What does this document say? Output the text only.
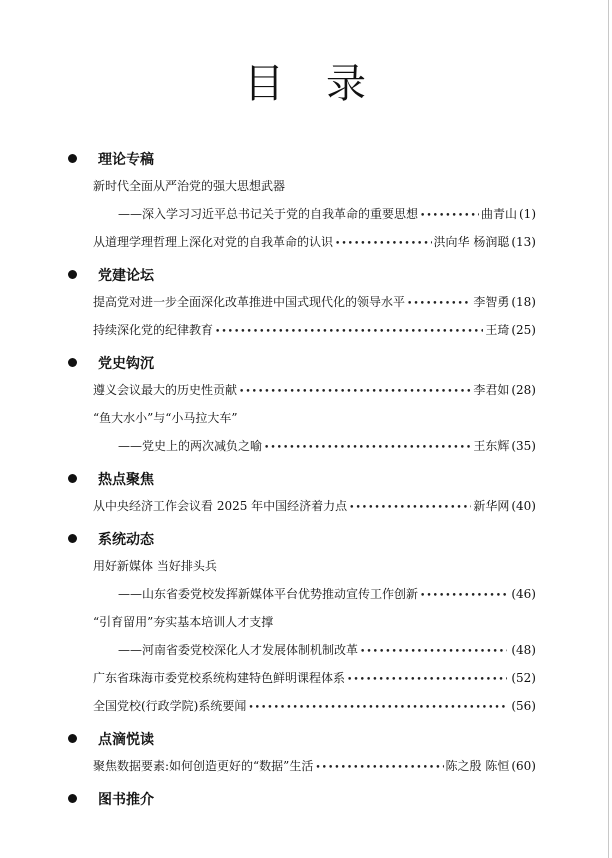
目 录
理论专稿
新时代全面从严治党的强大思想武器
——深入学习习近平总书记关于党的自我革命的重要思想 •••••	曲青山 (1)
从道理学理哲理上深化对党的自我革命的认识 •••••	洪向华 杨润聪 (13)
党建论坛
提高党对进一步全面深化改革推进中国式现代化的领导水平 •••••	李智勇 (18)
持续深化党的纪律教育 •••••	王琦 (25)
党史钩沉
遵义会议最大的历史性贡献 •••••	李君如 (28)
“鱼大水小”与“小马拉大车”
——党史上的两次减负之喻 •••••	王东辉 (35)
热点聚焦
从中央经济工作会议看 2025 年中国经济着力点 •••••	新华网 (40)
系统动态
用好新媒体 当好排头兵
——山东省委党校发挥新媒体平台优势推动宣传工作创新 •••••	(46)
“引育留用”夯实基本培训人才支撑
——河南省委党校深化人才发展体制机制改革 •••••	(48)
广东省珠海市委党校系统构建特色鲜明课程体系 •••••	(52)
全国党校(行政学院)系统要闻 •••••	(56)
点滴悦读
聚焦数据要素:如何创造更好的“数据”生活 •••••	陈之殷 陈恒 (60)
图书推介
